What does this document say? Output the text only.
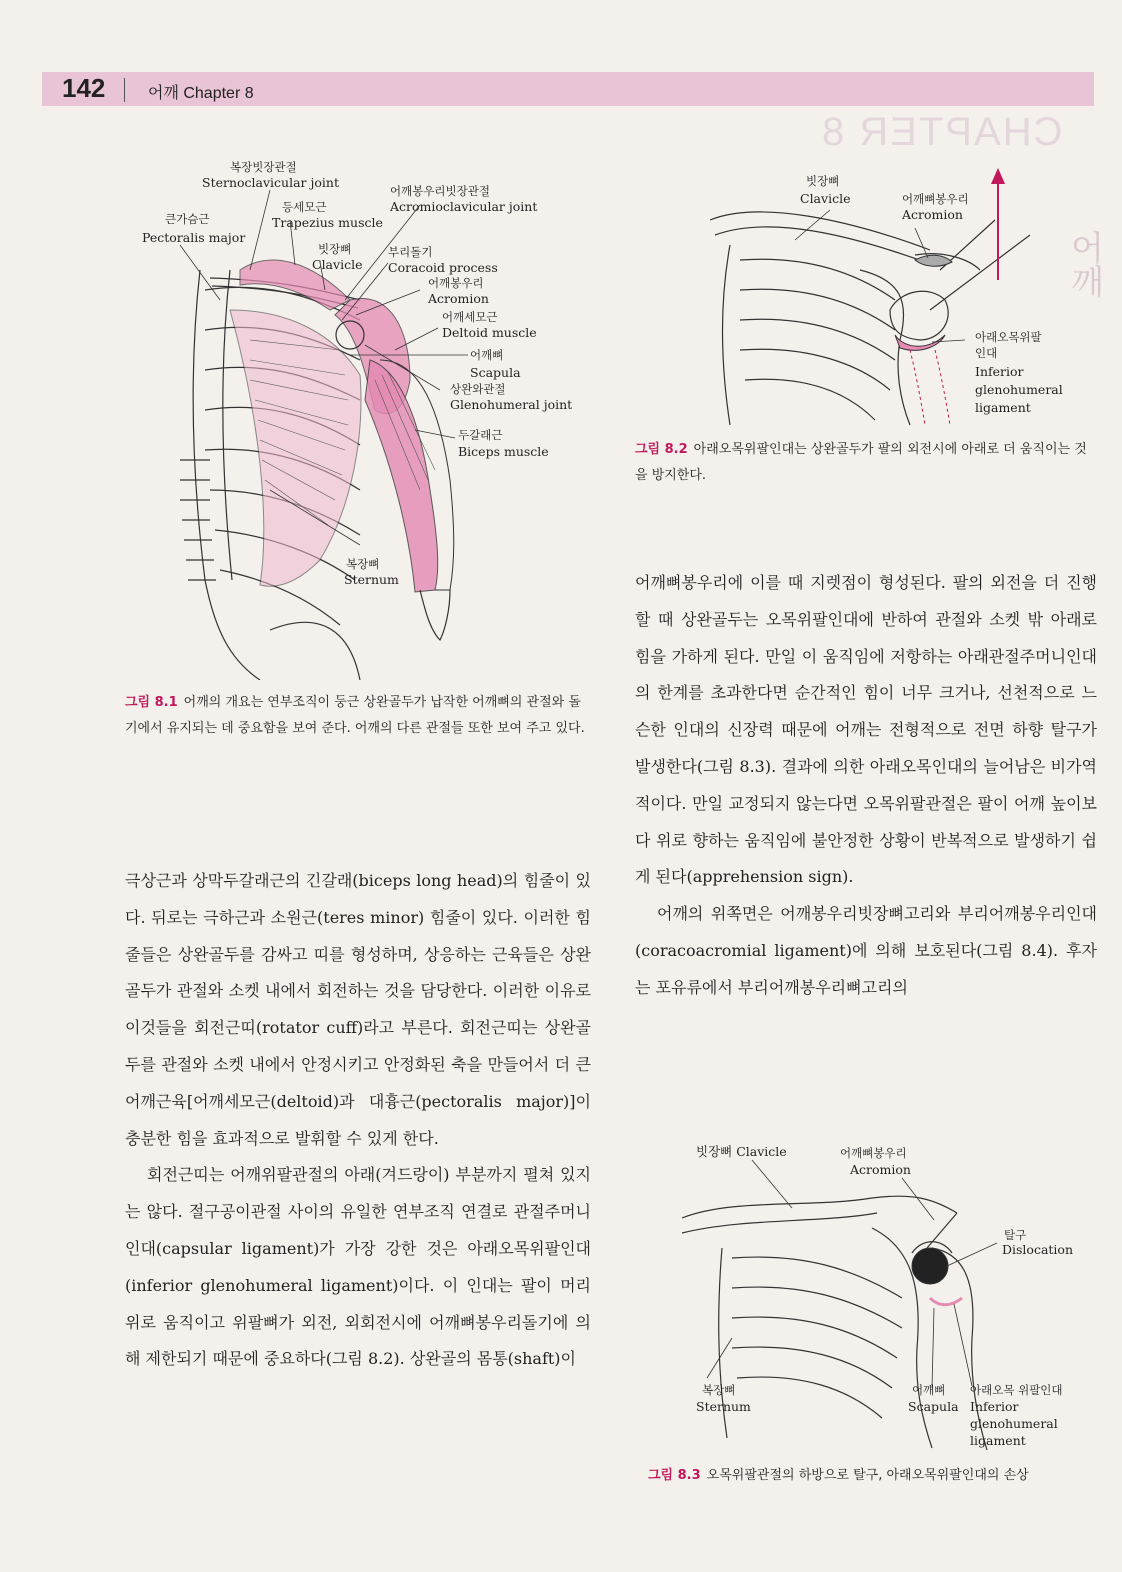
142	어깨 Chapter 8
CHAPTER 8
어깨
복장빗장관절
Sternoclavicular joint
어깨봉우리빗장관절
Acromioclavicular joint
등세모근
Trapezius muscle
큰가슴근
Pectoralis major
빗장뼈
Clavicle
부리돌기
Coracoid process
어깨봉우리
Acromion
어깨세모근
Deltoid muscle
어깨뼈
Scapula
상완와관절
Glenohumeral joint
두갈래근
Biceps muscle
복장뼈
Sternum
그림 8.1 어깨의 개요는 연부조직이 둥근 상완골두가 납작한 어깨뼈의 관절와 돌기에서 유지되는 데 중요함을 보여 준다. 어깨의 다른 관절들 또한 보여 주고 있다.
빗장뼈
Clavicle	어깨뼈봉우리
Acromion
아래오목위팔
인대
Inferior
glenohumeral
ligament
그림 8.2 아래오목위팔인대는 상완골두가 팔의 외전시에 아래로 더 움직이는 것을 방지한다.
빗장뼈 Clavicle	어깨뼈봉우리
Acromion
탈구
Dislocation
복장뼈
Sternum
어깨뼈
Scapula
아래오목 위팔인대
Inferior
glenohumeral
ligament
그림 8.3 오목위팔관절의 하방으로 탈구, 아래오목위팔인대의 손상

극상근과 상막두갈래근의 긴갈래(biceps long head)의 힘줄이 있다. 뒤로는 극하근과 소원근(teres minor) 힘줄이 있다. 이러한 힘줄들은 상완골두를 감싸고 띠를 형성하며, 상응하는 근육들은 상완골두가 관절와 소켓 내에서 회전하는 것을 담당한다. 이러한 이유로 이것들을 회전근띠(rotator cuff)라고 부른다. 회전근띠는 상완골두를 관절와 소켓 내에서 안정시키고 안정화된 축을 만들어서 더 큰 어깨근육[어깨세모근(deltoid)과 대흉근(pectoralis major)]이 충분한 힘을 효과적으로 발휘할 수 있게 한다.

회전근띠는 어깨위팔관절의 아래(겨드랑이) 부분까지 펼쳐 있지는 않다. 절구공이관절 사이의 유일한 연부조직 연결로 관절주머니인대(capsular ligament)가 가장 강한 것은 아래오목위팔인대(inferior glenohumeral ligament)이다. 이 인대는 팔이 머리 위로 움직이고 위팔뼈가 외전, 외회전시에 어깨뼈봉우리돌기에 의해 제한되기 때문에 중요하다(그림 8.2). 상완골의 몸통(shaft)이

어깨뼈봉우리에 이를 때 지렛점이 형성된다. 팔의 외전을 더 진행할 때 상완골두는 오목위팔인대에 반하여 관절와 소켓 밖 아래로 힘을 가하게 된다. 만일 이 움직임에 저항하는 아래관절주머니인대의 한계를 초과한다면 순간적인 힘이 너무 크거나, 선천적으로 느슨한 인대의 신장력 때문에 어깨는 전형적으로 전면 하향 탈구가 발생한다(그림 8.3). 결과에 의한 아래오목인대의 늘어남은 비가역적이다. 만일 교정되지 않는다면 오목위팔관절은 팔이 어깨 높이보다 위로 향하는 움직임에 불안정한 상황이 반복적으로 발생하기 쉽게 된다(apprehension sign).

어깨의 위쪽면은 어깨봉우리빗장뼈고리와 부리어깨봉우리인대(coracoacromial ligament)에 의해 보호된다(그림 8.4). 후자는 포유류에서 부리어깨봉우리뼈고리의
